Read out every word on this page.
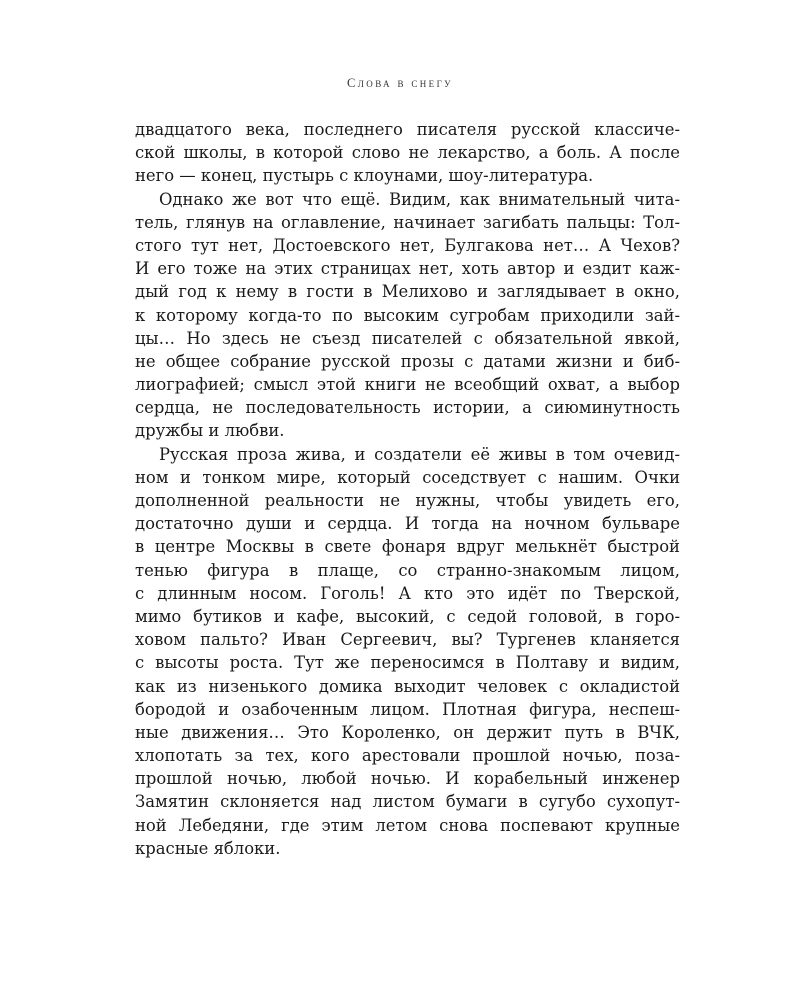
Слова в снегу
двадцатого века, последнего писателя русской классиче-
ской школы, в которой слово не лекарство, а боль. А после
него — конец, пустырь с клоунами, шоу-литература.
Однако же вот что ещё. Видим, как внимательный чита-
тель, глянув на оглавление, начинает загибать пальцы: Тол-
стого тут нет, Достоевского нет, Булгакова нет… А Чехов?
И его тоже на этих страницах нет, хоть автор и ездит каж-
дый год к нему в гости в Мелихово и заглядывает в окно,
к которому когда-то по высоким сугробам приходили зай-
цы… Но здесь не съезд писателей с обязательной явкой,
не общее собрание русской прозы с датами жизни и биб-
лиографией; смысл этой книги не всеобщий охват, а выбор
сердца, не последовательность истории, а сиюминутность
дружбы и любви.
Русская проза жива, и создатели её живы в том очевид-
ном и тонком мире, который соседствует с нашим. Очки
дополненной реальности не нужны, чтобы увидеть его,
достаточно души и сердца. И тогда на ночном бульваре
в центре Москвы в свете фонаря вдруг мелькнёт быстрой
тенью фигура в плаще, со странно-знакомым лицом,
с длинным носом. Гоголь! А кто это идёт по Тверской,
мимо бутиков и кафе, высокий, с седой головой, в горо-
ховом пальто? Иван Сергеевич, вы? Тургенев кланяется
с высоты роста. Тут же переносимся в Полтаву и видим,
как из низенького домика выходит человек с окладистой
бородой и озабоченным лицом. Плотная фигура, неспеш-
ные движения… Это Короленко, он держит путь в ВЧК,
хлопотать за тех, кого арестовали прошлой ночью, поза-
прошлой ночью, любой ночью. И корабельный инженер
Замятин склоняется над листом бумаги в сугубо сухопут-
ной Лебедяни, где этим летом снова поспевают крупные
красные яблоки.
